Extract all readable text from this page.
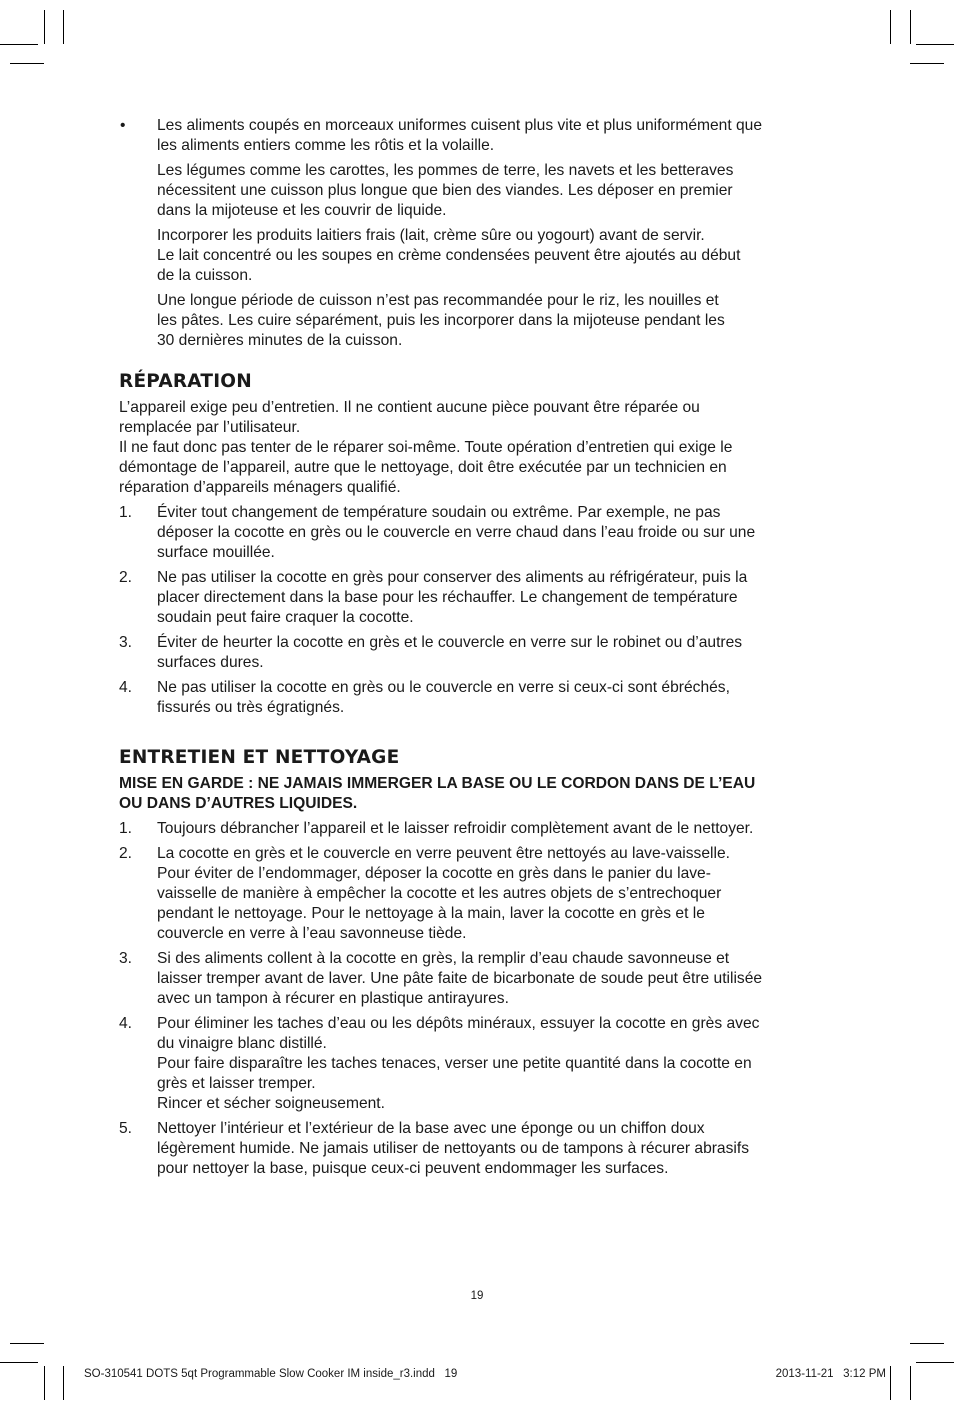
• Les aliments coupés en morceaux uniformes cuisent plus vite et plus uniformément que
les aliments entiers comme les rôtis et la volaille.
Les légumes comme les carottes, les pommes de terre, les navets et les betteraves
nécessitent une cuisson plus longue que bien des viandes. Les déposer en premier
dans la mijoteuse et les couvrir de liquide.
Incorporer les produits laitiers frais (lait, crème sûre ou yogourt) avant de servir.
Le lait concentré ou les soupes en crème condensées peuvent être ajoutés au début
de la cuisson.
Une longue période de cuisson n’est pas recommandée pour le riz, les nouilles et
les pâtes. Les cuire séparément, puis les incorporer dans la mijoteuse pendant les
30 dernières minutes de la cuisson.
RÉPARATION
L’appareil exige peu d’entretien. Il ne contient aucune pièce pouvant être réparée ou
remplacée par l’utilisateur.
Il ne faut donc pas tenter de le réparer soi-même. Toute opération d’entretien qui exige le
démontage de l’appareil, autre que le nettoyage, doit être exécutée par un technicien en
réparation d’appareils ménagers qualifié.
1. Éviter tout changement de température soudain ou extrême. Par exemple, ne pas
déposer la cocotte en grès ou le couvercle en verre chaud dans l’eau froide ou sur une
surface mouillée.
2. Ne pas utiliser la cocotte en grès pour conserver des aliments au réfrigérateur, puis la
placer directement dans la base pour les réchauffer. Le changement de température
soudain peut faire craquer la cocotte.
3. Éviter de heurter la cocotte en grès et le couvercle en verre sur le robinet ou d’autres
surfaces dures.
4. Ne pas utiliser la cocotte en grès ou le couvercle en verre si ceux-ci sont ébréchés,
fissurés ou très égratignés.
ENTRETIEN ET NETTOYAGE
MISE EN GARDE : NE JAMAIS IMMERGER LA BASE OU LE CORDON DANS DE L’EAU
OU DANS D’AUTRES LIQUIDES.
1. Toujours débrancher l’appareil et le laisser refroidir complètement avant de le nettoyer.
2. La cocotte en grès et le couvercle en verre peuvent être nettoyés au lave-vaisselle.
Pour éviter de l’endommager, déposer la cocotte en grès dans le panier du lave-
vaisselle de manière à empêcher la cocotte et les autres objets de s’entrechoquer
pendant le nettoyage. Pour le nettoyage à la main, laver la cocotte en grès et le
couvercle en verre à l’eau savonneuse tiède.
3. Si des aliments collent à la cocotte en grès, la remplir d’eau chaude savonneuse et
laisser tremper avant de laver. Une pâte faite de bicarbonate de soude peut être utilisée
avec un tampon à récurer en plastique antirayures.
4. Pour éliminer les taches d’eau ou les dépôts minéraux, essuyer la cocotte en grès avec
du vinaigre blanc distillé.
Pour faire disparaître les taches tenaces, verser une petite quantité dans la cocotte en
grès et laisser tremper.
Rincer et sécher soigneusement.
5. Nettoyer l’intérieur et l’extérieur de la base avec une éponge ou un chiffon doux
légèrement humide. Ne jamais utiliser de nettoyants ou de tampons à récurer abrasifs
pour nettoyer la base, puisque ceux-ci peuvent endommager les surfaces.
19
SO-310541 DOTS 5qt Programmable Slow Cooker IM inside_r3.indd   19	2013-11-21   3:12 PM
